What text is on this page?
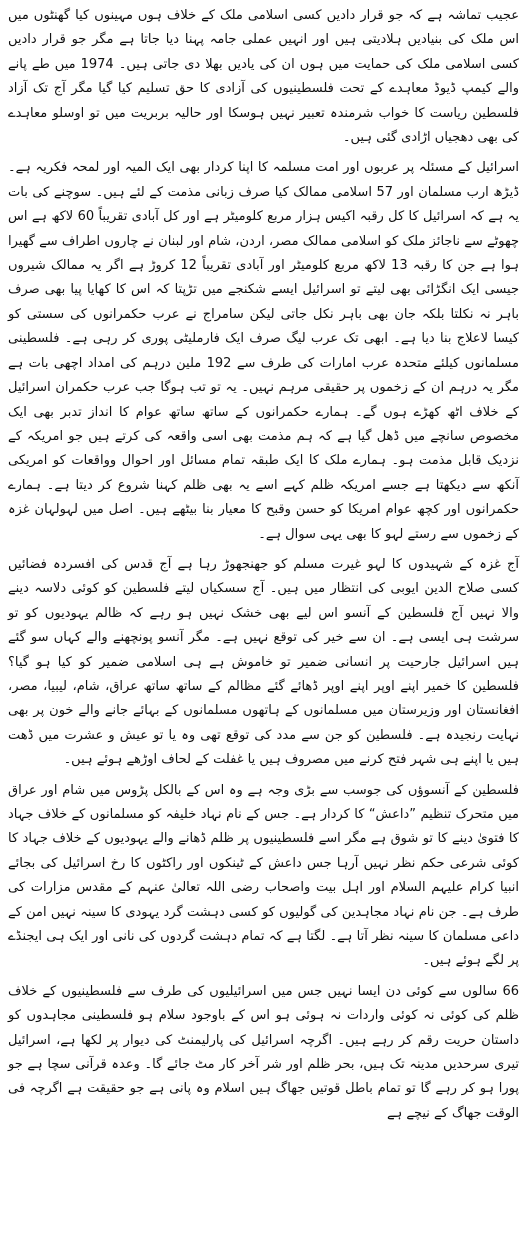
عجیب تماشہ ہے کہ جو قرار دادیں کسی اسلامی ملک کے خلاف ہوں مہینوں کیا گھنٹوں میں اس ملک کی بنیادیں ہلادیتی ہیں اور انہیں عملی جامہ پہنا دیا جاتا ہے مگر جو قرار دادیں کسی اسلامی ملک کی حمایت میں ہوں ان کی یادیں بھلا دی جاتی ہیں۔ 1974 میں طے پانے والے کیمپ ڈیوڈ معاہدے کے تحت فلسطینیوں کی آزادی کا حق تسلیم کیا گیا مگر آج تک آزاد فلسطین ریاست کا خواب شرمندہ تعبیر نہیں ہوسکا اور حالیہ بربریت میں تو اوسلو معاہدے کی بھی دھجیاں اڑادی گئی ہیں۔

اسرائیل کے مسئلہ پر عربوں اور امت مسلمہ کا اپنا کردار بھی ایک المیہ اور لمحہ فکریہ ہے۔ ڈیڑھ ارب مسلمان اور 57 اسلامی ممالک کیا صرف زبانی مذمت کے لئے ہیں۔ سوچنے کی بات یہ ہے کہ اسرائیل کا کل رقبہ اکیس ہزار مربع کلومیٹر ہے اور کل آبادی تقریباً 60 لاکھ ہے اس چھوٹے سے ناجائز ملک کو اسلامی ممالک مصر، اردن، شام اور لبنان نے چاروں اطراف سے گھیرا ہوا ہے جن کا رقبہ 13 لاکھ مربع کلومیٹر اور آبادی تقریباً 12 کروڑ ہے اگر یہ ممالک شیروں جیسی ایک انگڑائی بھی لیتے تو اسرائیل ایسے شکنجے میں تڑپتا کہ اس کا کھایا پیا بھی صرف باہر نہ نکلتا بلکہ جان بھی باہر نکل جاتی لیکن سامراج نے عرب حکمرانوں کی سستی کو کیسا لاعلاج بنا دیا ہے۔ ابھی تک عرب لیگ صرف ایک فارملیٹی پوری کر رہی ہے۔ فلسطینی مسلمانوں کیلئے متحدہ عرب امارات کی طرف سے 192 ملین درہم کی امداد اچھی بات ہے مگر یہ درہم ان کے زخموں پر حقیقی مرہم نہیں۔ یہ تو تب ہوگا جب عرب حکمران اسرائیل کے خلاف اٹھ کھڑے ہوں گے۔ ہمارے حکمرانوں کے ساتھ ساتھ عوام کا انداز تدبر بھی ایک مخصوص سانچے میں ڈھل گیا ہے کہ ہم مذمت بھی اسی واقعہ کی کرتے ہیں جو امریکہ کے نزدیک قابل مذمت ہو۔ ہمارے ملک کا ایک طبقہ تمام مسائل اور احوال وواقعات کو امریکی آنکھ سے دیکھتا ہے جسے امریکہ ظلم کہے اسے یہ بھی ظلم کہنا شروع کر دیتا ہے۔ ہمارے حکمرانوں اور کچھ عوام امریکا کو حسن وقبح کا معیار بنا بیٹھے ہیں۔ اصل میں لہولہان غزہ کے زخموں سے رستے لہو کا بھی یہی سوال ہے۔

آج غزہ کے شہیدوں کا لہو غیرت مسلم کو جھنجھوڑ رہا ہے آج قدس کی افسردہ فضائیں کسی صلاح الدین ایوبی کی انتظار میں ہیں۔ آج سسکیاں لیتے فلسطین کو کوئی دلاسہ دینے والا نہیں آج فلسطین کے آنسو اس لیے بھی خشک نہیں ہو رہے کہ ظالم یہودیوں کو تو سرشت ہی ایسی ہے۔ ان سے خیر کی توقع نہیں ہے۔ مگر آنسو پونچھنے والے کہاں سو گئے ہیں اسرائیل جارحیت پر انسانی ضمیر تو خاموش ہے ہی اسلامی ضمیر کو کیا ہو گیا؟ فلسطین کا خمیر اپنے اوپر اپنے اوپر ڈھائے گئے مظالم کے ساتھ ساتھ عراق، شام، لیبیا، مصر، افغانستان اور وزیرستان میں مسلمانوں کے ہاتھوں مسلمانوں کے بہائے جانے والے خون پر بھی نہایت رنجیدہ ہے۔ فلسطین کو جن سے مدد کی توقع تھی وہ یا تو عیش و عشرت میں ڈھت ہیں یا اپنے ہی شہر فتح کرنے میں مصروف ہیں یا غفلت کے لحاف اوڑھے ہوئے ہیں۔

فلسطین کے آنسوؤں کی جوسب سے بڑی وجہ ہے وہ اس کے بالکل پڑوس میں شام اور عراق میں متحرک تنظیم ”داعش“ کا کردار ہے۔ جس کے نام نہاد خلیفہ کو مسلمانوں کے خلاف جہاد کا فتویٰ دینے کا تو شوق ہے مگر اسے فلسطینیوں پر ظلم ڈھانے والے یہودیوں کے خلاف جہاد کا کوئی شرعی حکم نظر نہیں آرہا جس داعش کے ٹینکوں اور راکٹوں کا رخ اسرائیل کی بجائے انبیا کرام علیہم السلام اور اہل بیت واصحاب رضی اللہ تعالیٰ عنہم کے مقدس مزارات کی طرف ہے۔ جن نام نہاد مجاہدین کی گولیوں کو کسی دہشت گرد یہودی کا سینہ نہیں امن کے داعی مسلمان کا سینہ نظر آتا ہے۔ لگتا ہے کہ تمام دہشت گردوں کی نانی اور ایک ہی ایجنڈے پر لگے ہوئے ہیں۔

66 سالوں سے کوئی دن ایسا نہیں جس میں اسرائیلیوں کی طرف سے فلسطینیوں کے خلاف ظلم کی کوئی نہ کوئی واردات نہ ہوئی ہو اس کے باوجود سلام ہو فلسطینی مجاہدوں کو داستان حریت رقم کر رہے ہیں۔ اگرچہ اسرائیل کی پارلیمنٹ کی دیوار پر لکھا ہے، اسرائیل تیری سرحدیں مدینہ تک ہیں، بحر ظلم اور شر آخر کار مٹ جائے گا۔ وعدہ قرآنی سچا ہے جو پورا ہو کر رہے گا تو تمام باطل قوتیں جھاگ ہیں اسلام وہ پانی ہے جو حقیقت ہے اگرچہ فی الوقت جھاگ کے نیچے ہے
